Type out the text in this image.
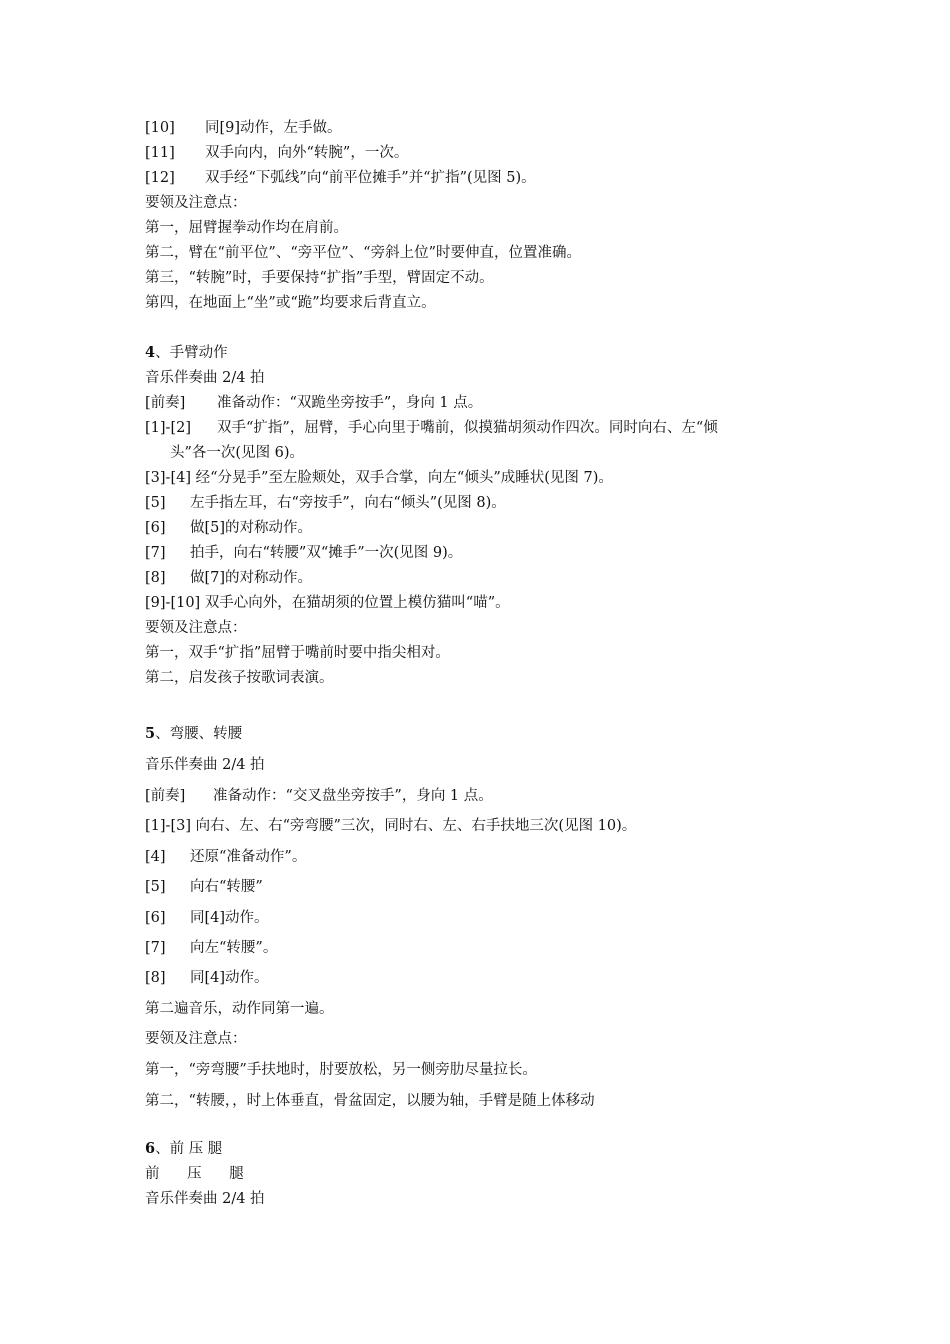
[10] 同[9]动作，左手做。
[11] 双手向内，向外“转腕”，一次。
[12] 双手经“下弧线”向“前平位摊手”并“扩指”(见图 5)。
要领及注意点：
第一，屈臂握拳动作均在肩前。
第二，臂在“前平位”、“旁平位”、“旁斜上位”时要伸直，位置准确。
第三，“转腕”时，手要保持“扩指”手型，臂固定不动。
第四，在地面上“坐”或“跪”均要求后背直立。
4、手臂动作
音乐伴奏曲 2/4 拍
[前奏] 准备动作：“双跪坐旁按手”，身向 1 点。
[1]-[2] 双手“扩指”，屈臂，手心向里于嘴前，似摸猫胡须动作四次。同时向右、左“倾
头”各一次(见图 6)。
[3]-[4] 经“分晃手”至左脸颊处，双手合掌，向左“倾头”成睡状(见图 7)。
[5] 左手指左耳，右“旁按手”，向右“倾头”(见图 8)。
[6] 做[5]的对称动作。
[7] 拍手，向右“转腰”双“摊手”一次(见图 9)。
[8] 做[7]的对称动作。
[9]-[10] 双手心向外，在猫胡须的位置上模仿猫叫“喵”。
要领及注意点：
第一，双手“扩指”屈臂于嘴前时要中指尖相对。
第二，启发孩子按歌词表演。
5、弯腰、转腰
音乐伴奏曲 2/4 拍
[前奏] 准备动作：“交叉盘坐旁按手”，身向 1 点。
[1]-[3] 向右、左、右“旁弯腰”三次，同时右、左、右手扶地三次(见图 10)。
[4] 还原“准备动作”。
[5] 向右“转腰”
[6] 同[4]动作。
[7] 向左“转腰”。
[8] 同[4]动作。
第二遍音乐，动作同第一遍。
要领及注意点：
第一，“旁弯腰”手扶地时，肘要放松，另一侧旁肋尽量拉长。
第二，“转腰，，时上体垂直，骨盆固定，以腰为轴，手臂是随上体移动
6、前 压 腿
前      压      腿
音乐伴奏曲 2/4 拍
